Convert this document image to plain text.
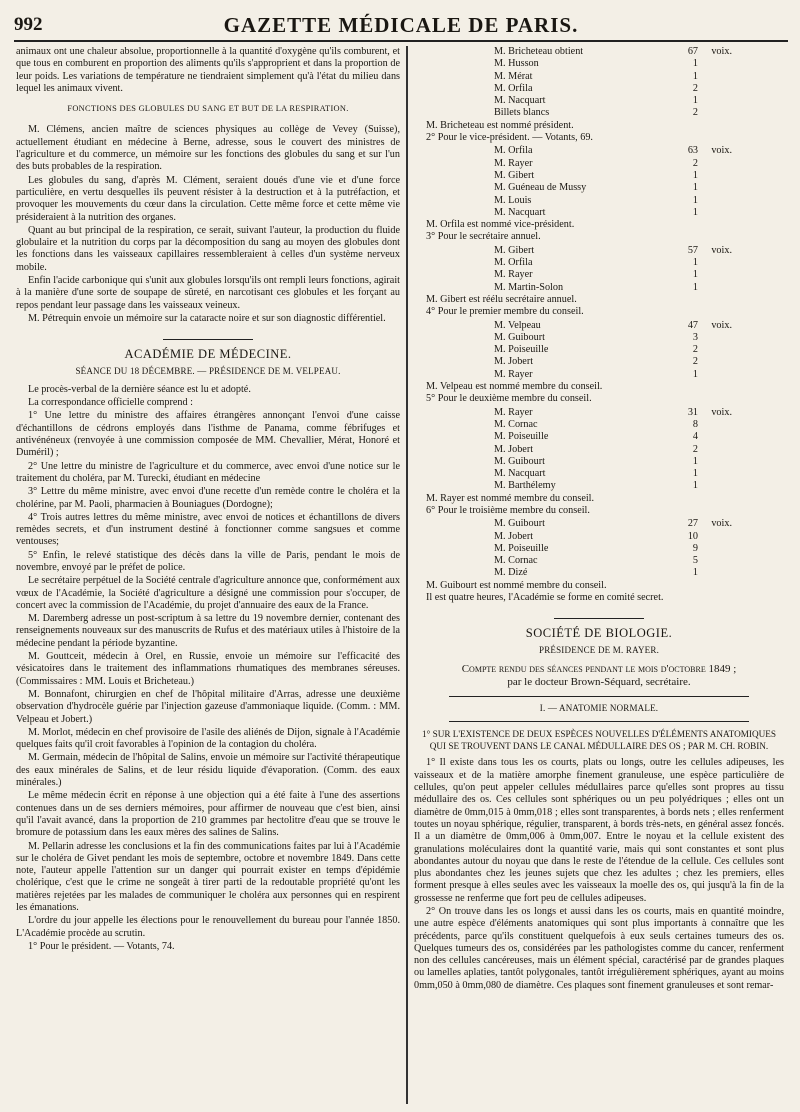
992	GAZETTE MÉDICALE DE PARIS.

animaux ont une chaleur absolue, proportionnelle à la quantité d'oxygène qu'ils comburent, et que tous en comburent en proportion des aliments qu'ils s'approprient et dans la proportion de leur poids. Les variations de température ne tiendraient simplement qu'à l'état du milieu dans lequel les animaux vivent.

FONCTIONS DES GLOBULES DU SANG ET BUT DE LA RESPIRATION.

M. Clémens, ancien maître de sciences physiques au collège de Vevey (Suisse), actuellement étudiant en médecine à Berne, adresse, sous le couvert des ministres de l'agriculture et du commerce, un mémoire sur les fonctions des globules du sang et sur l'un des buts probables de la respiration.

Les globules du sang, d'après M. Clément, seraient doués d'une vie et d'une force particulière, en vertu desquelles ils peuvent résister à la destruction et à la putréfaction, et provoquer les mouvements du cœur dans la circulation. Cette même force et cette même vie présideraient à la nutrition des organes.

Quant au but principal de la respiration, ce serait, suivant l'auteur, la production du fluide globulaire et la nutrition du corps par la décomposition du sang au moyen des globules dont les fonctions dans les vaisseaux capillaires ressembleraient à celles d'un système nerveux mobile.

Enfin l'acide carbonique qui s'unit aux globules lorsqu'ils ont rempli leurs fonctions, agirait à la manière d'une sorte de soupape de sûreté, en narcotisant ces globules et les forçant au repos pendant leur passage dans les vaisseaux veineux.

M. Pétrequin envoie un mémoire sur la cataracte noire et sur son diagnostic différentiel.

ACADÉMIE DE MÉDECINE.
SÉANCE DU 18 DÉCEMBRE. — PRÉSIDENCE DE M. VELPEAU.

Le procès-verbal de la dernière séance est lu et adopté.

La correspondance officielle comprend :

1° Une lettre du ministre des affaires étrangères annonçant l'envoi d'une caisse d'échantillons de cédrons employés dans l'isthme de Panama, comme fébrifuges et antivénéneux (renvoyée à une commission composée de MM. Chevallier, Mérat, Honoré et Duméril) ;

2° Une lettre du ministre de l'agriculture et du commerce, avec envoi d'une notice sur le traitement du choléra, par M. Turecki, étudiant en médecine

3° Lettre du même ministre, avec envoi d'une recette d'un remède contre le choléra et la cholérine, par M. Paoli, pharmacien à Bouniagues (Dordogne);

4° Trois autres lettres du même ministre, avec envoi de notices et échantillons de divers remèdes secrets, et d'un instrument destiné à fonctionner comme sangsues et comme ventouses;

5° Enfin, le relevé statistique des décès dans la ville de Paris, pendant le mois de novembre, envoyé par le préfet de police.

Le secrétaire perpétuel de la Société centrale d'agriculture annonce que, conformément aux vœux de l'Académie, la Société d'agriculture a désigné une commission pour s'occuper, de concert avec la commission de l'Académie, du projet d'annuaire des eaux de la France.

M. Daremberg adresse un post-scriptum à sa lettre du 19 novembre dernier, contenant des renseignements nouveaux sur des manuscrits de Rufus et des matériaux utiles à l'histoire de la médecine pendant la période byzantine.

M. Gouttceit, médecin à Orel, en Russie, envoie un mémoire sur l'efficacité des vésicatoires dans le traitement des inflammations rhumatiques des membranes séreuses. (Commissaires : MM. Louis et Bricheteau.)

M. Bonnafont, chirurgien en chef de l'hôpital militaire d'Arras, adresse une deuxième observation d'hydrocèle guérie par l'injection gazeuse d'ammoniaque liquide. (Comm. : MM. Velpeau et Jobert.)

M. Morlot, médecin en chef provisoire de l'asile des aliénés de Dijon, signale à l'Académie quelques faits qu'il croit favorables à l'opinion de la contagion du choléra.

M. Germain, médecin de l'hôpital de Salins, envoie un mémoire sur l'activité thérapeutique des eaux minérales de Salins, et de leur résidu liquide d'évaporation. (Comm. des eaux minérales.)

Le même médecin écrit en réponse à une objection qui a été faite à l'une des assertions contenues dans un de ses derniers mémoires, pour affirmer de nouveau que c'est bien, ainsi qu'il l'avait avancé, dans la proportion de 210 grammes par hectolitre d'eau que se trouve le bromure de potassium dans les eaux mères des salines de Salins.

M. Pellarin adresse les conclusions et la fin des communications faites par lui à l'Académie sur le choléra de Givet pendant les mois de septembre, octobre et novembre 1849. Dans cette note, l'auteur appelle l'attention sur un danger qui pourrait exister en temps d'épidémie cholérique, c'est que le crime ne songeât à tirer parti de la redoutable propriété qu'ont les matières rejetées par les malades de communiquer le choléra aux personnes qui en respirent les émanations.

L'ordre du jour appelle les élections pour le renouvellement du bureau pour l'année 1850. L'Académie procède au scrutin.

1° Pour le président. — Votants, 74.

M. Bricheteau obtient	67 voix.
M. Husson	1
M. Mérat	1
M. Orfila	2
M. Nacquart	1
Billets blancs	2

M. Bricheteau est nommé président.

2° Pour le vice-président. — Votants, 69.

M. Orfila	63 voix.
M. Rayer	2
M. Gibert	1
M. Guéneau de Mussy	1
M. Louis	1
M. Nacquart	1

M. Orfila est nommé vice-président.

3° Pour le secrétaire annuel.

M. Gibert	57 voix.
M. Orfila	1
M. Rayer	1
M. Martin-Solon	1

M. Gibert est réélu secrétaire annuel.

4° Pour le premier membre du conseil.

M. Velpeau	47 voix.
M. Guibourt	3
M. Poiseuille	2
M. Jobert	2
M. Rayer	1

M. Velpeau est nommé membre du conseil.

5° Pour le deuxième membre du conseil.

M. Rayer	31 voix.
M. Cornac	8
M. Poiseuille	4
M. Jobert	2
M. Guibourt	1
M. Nacquart	1
M. Barthélemy	1

M. Rayer est nommé membre du conseil.

6° Pour le troisième membre du conseil.

M. Guibourt	27 voix.
M. Jobert	10
M. Poiseuille	9
M. Cornac	5
M. Dizé	1

M. Guibourt est nommé membre du conseil.

Il est quatre heures, l'Académie se forme en comité secret.

SOCIÉTÉ DE BIOLOGIE.
PRÉSIDENCE DE M. RAYER.
Compte rendu des séances pendant le mois d'octobre 1849 ;
par le docteur Brown-Séquard, secrétaire.
I. — ANATOMIE NORMALE.

1° SUR L'EXISTENCE DE DEUX ESPÈCES NOUVELLES D'ÉLÉMENTS ANATOMIQUES QUI SE TROUVENT DANS LE CANAL MÉDULLAIRE DES OS ; PAR M. CH. ROBIN.

1° Il existe dans tous les os courts, plats ou longs, outre les cellules adipeuses, les vaisseaux et de la matière amorphe finement granuleuse, une espèce particulière de cellules, qu'on peut appeler cellules médullaires parce qu'elles sont propres au tissu médullaire des os. Ces cellules sont sphériques ou un peu polyédriques ; elles ont un diamètre de 0mm,015 à 0mm,018 ; elles sont transparentes, à bords nets ; elles renferment toutes un noyau sphérique, régulier, transparent, à bords très-nets, en général assez foncés. Il a un diamètre de 0mm,006 à 0mm,007. Entre le noyau et la cellule existent des granulations moléculaires dont la quantité varie, mais qui sont constantes et sont plus abondantes autour du noyau que dans le reste de l'étendue de la cellule. Ces cellules sont plus abondantes chez les jeunes sujets que chez les adultes ; chez les premiers, elles forment presque à elles seules avec les vaisseaux la moelle des os, qui jusqu'à la fin de la grossesse ne renferme que fort peu de cellules adipeuses.

2° On trouve dans les os longs et aussi dans les os courts, mais en quantité moindre, une autre espèce d'éléments anatomiques qui sont plus importants à connaître que les précédents, parce qu'ils constituent quelquefois à eux seuls certaines tumeurs des os. Quelques tumeurs des os, considérées par les pathologistes comme du cancer, renferment non des cellules cancéreuses, mais un élément spécial, caractérisé par de grandes plaques ou lamelles aplaties, tantôt polygonales, tantôt irrégulièrement sphériques, ayant au moins 0mm,050 à 0mm,080 de diamètre. Ces plaques sont finement granuleuses et sont remar-
